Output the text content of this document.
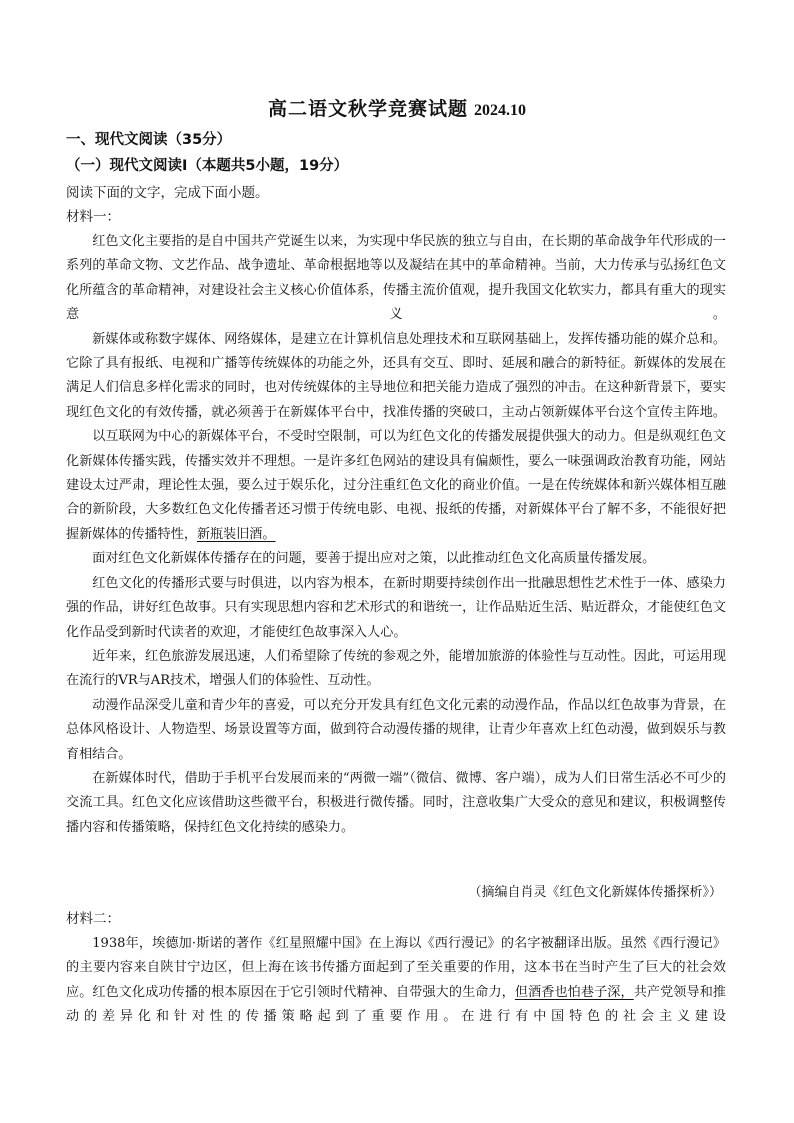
高二语文秋学竞赛试题 2024.10
一、现代文阅读（35分）
（一）现代文阅读Ⅰ（本题共5小题，19分）
阅读下面的文字，完成下面小题。
材料一：

红色文化主要指的是自中国共产党诞生以来，为实现中华民族的独立与自由，在长期的革命战争年代形成的一系列的革命文物、文艺作品、战争遗址、革命根据地等以及凝结在其中的革命精神。当前，大力传承与弘扬红色文化所蕴含的革命精神，对建设社会主义核心价值体系，传播主流价值观，提升我国文化软实力，都具有重大的现实意义。

新媒体或称数字媒体、网络媒体，是建立在计算机信息处理技术和互联网基础上，发挥传播功能的媒介总和。它除了具有报纸、电视和广播等传统媒体的功能之外，还具有交互、即时、延展和融合的新特征。新媒体的发展在满足人们信息多样化需求的同时，也对传统媒体的主导地位和把关能力造成了强烈的冲击。在这种新背景下，要实现红色文化的有效传播，就必须善于在新媒体平台中，找准传播的突破口，主动占领新媒体平台这个宣传主阵地。

以互联网为中心的新媒体平台，不受时空限制，可以为红色文化的传播发展提供强大的动力。但是纵观红色文化新媒体传播实践，传播实效并不理想。一是许多红色网站的建设具有偏颇性，要么一味强调政治教育功能，网站建设太过严肃，理论性太强，要么过于娱乐化，过分注重红色文化的商业价值。一是在传统媒体和新兴媒体相互融合的新阶段，大多数红色文化传播者还习惯于传统电影、电视、报纸的传播，对新媒体平台了解不多，不能很好把握新媒体的传播特性，新瓶装旧酒。

面对红色文化新媒体传播存在的问题，要善于提出应对之策，以此推动红色文化高质量传播发展。

红色文化的传播形式要与时俱进，以内容为根本，在新时期要持续创作出一批融思想性艺术性于一体、感染力强的作品，讲好红色故事。只有实现思想内容和艺术形式的和谐统一，让作品贴近生活、贴近群众，才能使红色文化作品受到新时代读者的欢迎，才能使红色故事深入人心。

近年来，红色旅游发展迅速，人们希望除了传统的参观之外，能增加旅游的体验性与互动性。因此，可运用现在流行的VR与AR技术，增强人们的体验性、互动性。

动漫作品深受儿童和青少年的喜爱，可以充分开发具有红色文化元素的动漫作品，作品以红色故事为背景，在总体风格设计、人物造型、场景设置等方面，做到符合动漫传播的规律，让青少年喜欢上红色动漫，做到娱乐与教育相结合。

在新媒体时代，借助于手机平台发展而来的“两微一端”（微信、微博、客户端），成为人们日常生活必不可少的交流工具。红色文化应该借助这些微平台，积极进行微传播。同时，注意收集广大受众的意见和建议，积极调整传播内容和传播策略，保持红色文化持续的感染力。

（摘编自肖灵《红色文化新媒体传播探析》）
材料二：

1938年，埃德加·斯诺的著作《红星照耀中国》在上海以《西行漫记》的名字被翻译出版。虽然《西行漫记》的主要内容来自陕甘宁边区，但上海在该书传播方面起到了至关重要的作用，这本书在当时产生了巨大的社会效应。红色文化成功传播的根本原因在于它引领时代精神、自带强大的生命力，但酒香也怕巷子深，共产党领导和推动的差异化和针对性的传播策略起到了重要作用。在进行有中国特色的社会主义建设
